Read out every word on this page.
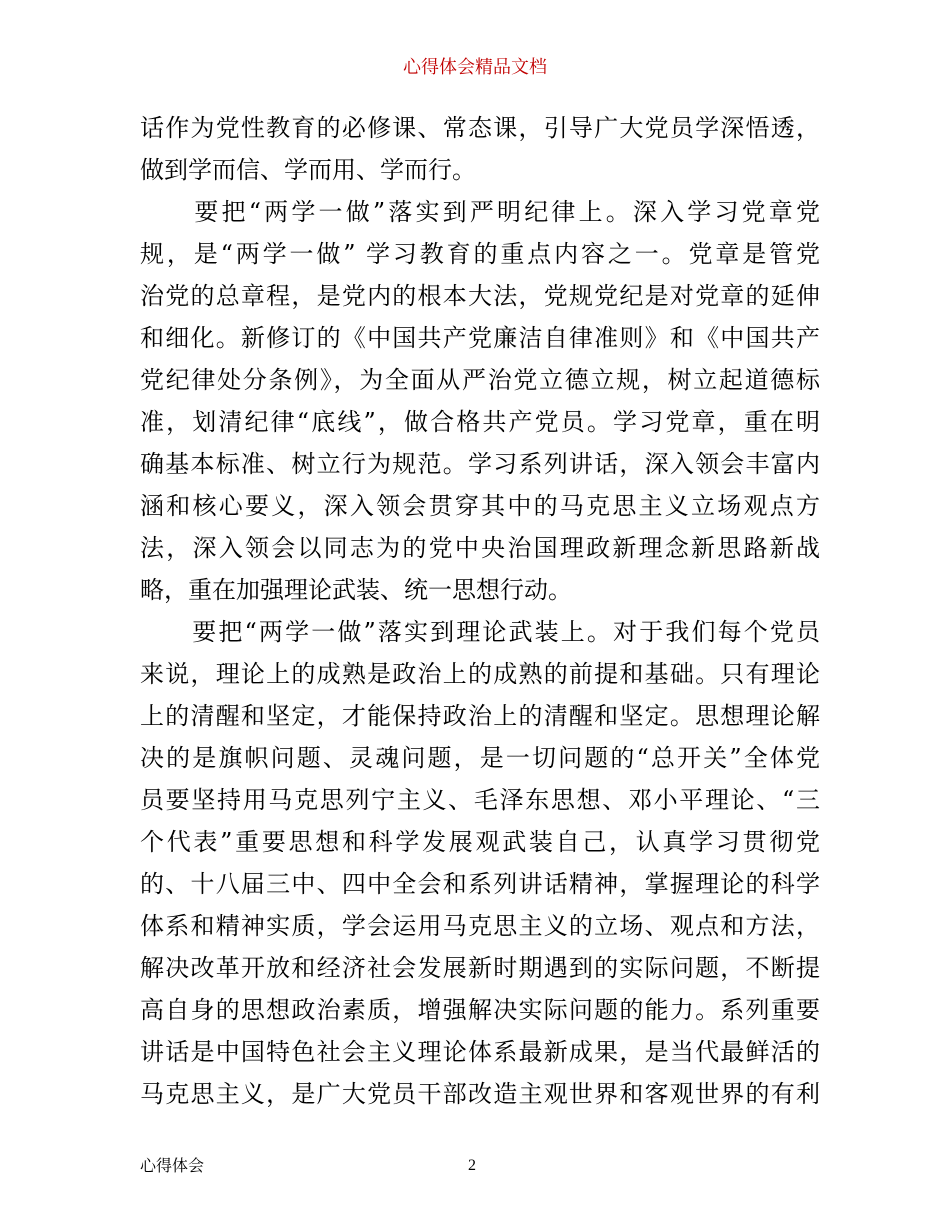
心得体会精品文档
话作为党性教育的必修课、常态课，引导广大党员学深悟透，
做到学而信、学而用、学而行。
　　要把“两学一做”落实到严明纪律上。深入学习党章党
规，是“两学一做” 学习教育的重点内容之一。党章是管党
治党的总章程，是党内的根本大法，党规党纪是对党章的延伸
和细化。新修订的《中国共产党廉洁自律准则》和《中国共产
党纪律处分条例》，为全面从严治党立德立规，树立起道德标
准，划清纪律“底线”，做合格共产党员。学习党章，重在明
确基本标准、树立行为规范。学习系列讲话，深入领会丰富内
涵和核心要义，深入领会贯穿其中的马克思主义立场观点方
法，深入领会以同志为的党中央治国理政新理念新思路新战
略，重在加强理论武装、统一思想行动。
　　要把“两学一做”落实到理论武装上。对于我们每个党员
来说，理论上的成熟是政治上的成熟的前提和基础。只有理论
上的清醒和坚定，才能保持政治上的清醒和坚定。思想理论解
决的是旗帜问题、灵魂问题，是一切问题的“总开关”全体党
员要坚持用马克思列宁主义、毛泽东思想、邓小平理论、“三
个代表”重要思想和科学发展观武装自己，认真学习贯彻党
的、十八届三中、四中全会和系列讲话精神，掌握理论的科学
体系和精神实质，学会运用马克思主义的立场、观点和方法，
解决改革开放和经济社会发展新时期遇到的实际问题，不断提
高自身的思想政治素质，增强解决实际问题的能力。系列重要
讲话是中国特色社会主义理论体系最新成果，是当代最鲜活的
马克思主义，是广大党员干部改造主观世界和客观世界的有利
心得体会	2
